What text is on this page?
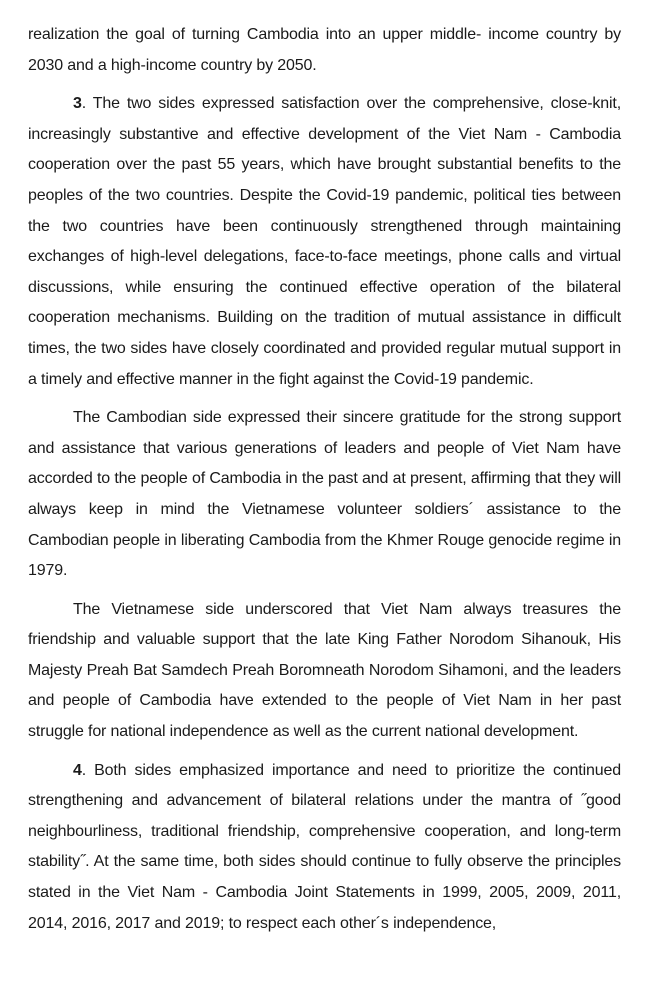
realization the goal of turning Cambodia into an upper middle- income country by 2030 and a high-income country by 2050.

3. The two sides expressed satisfaction over the comprehensive, close-knit, increasingly substantive and effective development of the Viet Nam - Cambodia cooperation over the past 55 years, which have brought substantial benefits to the peoples of the two countries. Despite the Covid-19 pandemic, political ties between the two countries have been continuously strengthened through maintaining exchanges of high-level delegations, face-to-face meetings, phone calls and virtual discussions, while ensuring the continued effective operation of the bilateral cooperation mechanisms. Building on the tradition of mutual assistance in difficult times, the two sides have closely coordinated and provided regular mutual support in a timely and effective manner in the fight against the Covid-19 pandemic.

The Cambodian side expressed their sincere gratitude for the strong support and assistance that various generations of leaders and people of Viet Nam have accorded to the people of Cambodia in the past and at present, affirming that they will always keep in mind the Vietnamese volunteer soldiers´ assistance to the Cambodian people in liberating Cambodia from the Khmer Rouge genocide regime in 1979.

The Vietnamese side underscored that Viet Nam always treasures the friendship and valuable support that the late King Father Norodom Sihanouk, His Majesty Preah Bat Samdech Preah Boromneath Norodom Sihamoni, and the leaders and people of Cambodia have extended to the people of Viet Nam in her past struggle for national independence as well as the current national development.

4. Both sides emphasized importance and need to prioritize the continued strengthening and advancement of bilateral relations under the mantra of ˝good neighbourliness, traditional friendship, comprehensive cooperation, and long-term stability˝. At the same time, both sides should continue to fully observe the principles stated in the Viet Nam - Cambodia Joint Statements in 1999, 2005, 2009, 2011, 2014, 2016, 2017 and 2019; to respect each other´s independence,
